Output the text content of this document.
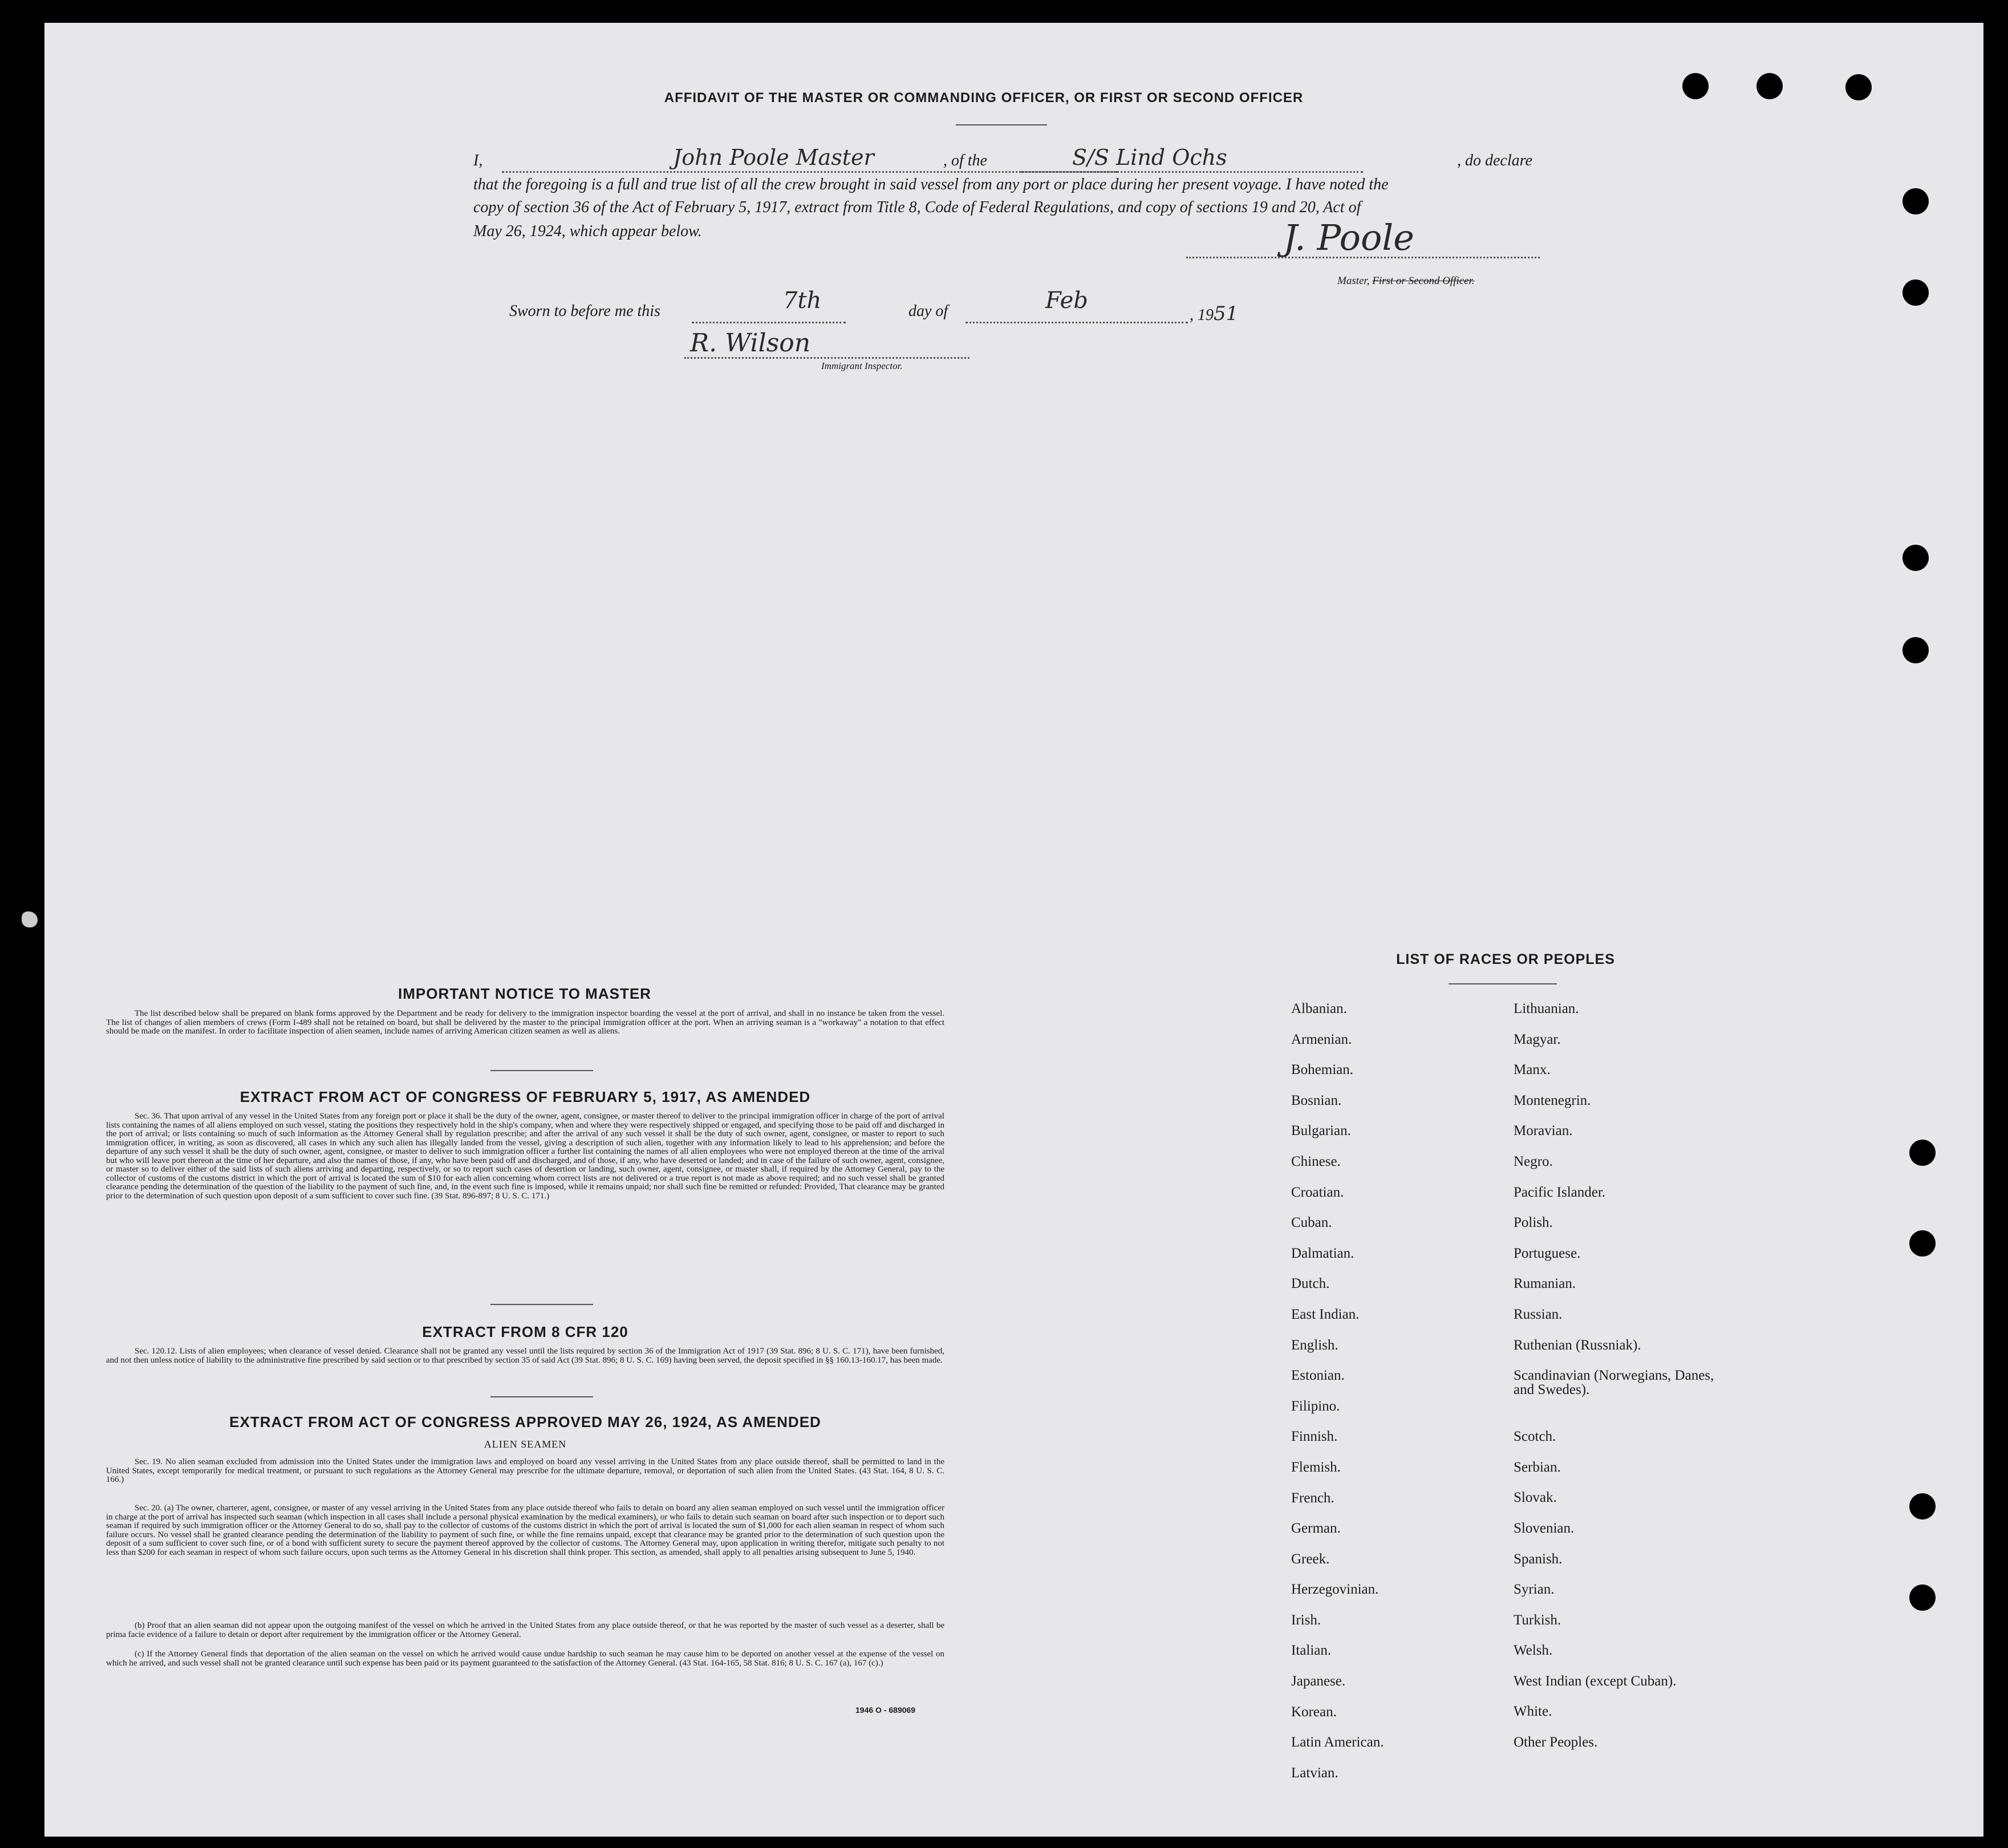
AFFIDAVIT OF THE MASTER OR COMMANDING OFFICER, OR FIRST OR SECOND OFFICER
I,	John Poole Master	, of the	S/S Lind Ochs	, do declare
that the foregoing is a full and true list of all the crew brought in said vessel from any port or place during her present voyage. I have noted the
copy of section 36 of the Act of February 5, 1917, extract from Title 8, Code of Federal Regulations, and copy of sections 19 and 20, Act of
May 26, 1924, which appear below.	J. Poole
Master, First or Second Officer.
Sworn to before me this	7th	day of	Feb
, 1951
R. Wilson
Immigrant Inspector.
IMPORTANT NOTICE TO MASTER
The list described below shall be prepared on blank forms approved by the Department and be ready for delivery to the immigration inspector boarding the vessel at the port of arrival, and shall in no instance be taken from the vessel. The list of changes of alien members of crews (Form I-489 shall not be retained on board, but shall be delivered by the master to the principal immigration officer at the port. When an arriving seaman is a "workaway" a notation to that effect should be made on the manifest. In order to facilitate inspection of alien seamen, include names of arriving American citizen seamen as well as aliens.
EXTRACT FROM ACT OF CONGRESS OF FEBRUARY 5, 1917, AS AMENDED
Sec. 36. That upon arrival of any vessel in the United States from any foreign port or place it shall be the duty of the owner, agent, consignee, or master thereof to deliver to the principal immigration officer in charge of the port of arrival lists containing the names of all aliens employed on such vessel, stating the positions they respectively hold in the ship's company, when and where they were respectively shipped or engaged, and specifying those to be paid off and discharged in the port of arrival; or lists containing so much of such information as the Attorney General shall by regulation prescribe; and after the arrival of any such vessel it shall be the duty of such owner, agent, consignee, or master to report to such immigration officer, in writing, as soon as discovered, all cases in which any such alien has illegally landed from the vessel, giving a description of such alien, together with any information likely to lead to his apprehension; and before the departure of any such vessel it shall be the duty of such owner, agent, consignee, or master to deliver to such immigration officer a further list containing the names of all alien employees who were not employed thereon at the time of the arrival but who will leave port thereon at the time of her departure, and also the names of those, if any, who have been paid off and discharged, and of those, if any, who have deserted or landed; and in case of the failure of such owner, agent, consignee, or master so to deliver either of the said lists of such aliens arriving and departing, respectively, or so to report such cases of desertion or landing, such owner, agent, consignee, or master shall, if required by the Attorney General, pay to the collector of customs of the customs district in which the port of arrival is located the sum of $10 for each alien concerning whom correct lists are not delivered or a true report is not made as above required; and no such vessel shall be granted clearance pending the determination of the question of the liability to the payment of such fine, and, in the event such fine is imposed, while it remains unpaid; nor shall such fine be remitted or refunded: Provided, That clearance may be granted prior to the determination of such question upon deposit of a sum sufficient to cover such fine. (39 Stat. 896-897; 8 U. S. C. 171.)
EXTRACT FROM 8 CFR 120
Sec. 120.12. Lists of alien employees; when clearance of vessel denied. Clearance shall not be granted any vessel until the lists required by section 36 of the Immigration Act of 1917 (39 Stat. 896; 8 U. S. C. 171), have been furnished, and not then unless notice of liability to the administrative fine prescribed by said section or to that prescribed by section 35 of said Act (39 Stat. 896; 8 U. S. C. 169) having been served, the deposit specified in §§ 160.13-160.17, has been made.
EXTRACT FROM ACT OF CONGRESS APPROVED MAY 26, 1924, AS AMENDED
ALIEN SEAMEN
Sec. 19. No alien seaman excluded from admission into the United States under the immigration laws and employed on board any vessel arriving in the United States from any place outside thereof, shall be permitted to land in the United States, except temporarily for medical treatment, or pursuant to such regulations as the Attorney General may prescribe for the ultimate departure, removal, or deportation of such alien from the United States. (43 Stat. 164, 8 U. S. C. 166.)
Sec. 20. (a) The owner, charterer, agent, consignee, or master of any vessel arriving in the United States from any place outside thereof who fails to detain on board any alien seaman employed on such vessel until the immigration officer in charge at the port of arrival has inspected such seaman (which inspection in all cases shall include a personal physical examination by the medical examiners), or who fails to detain such seaman on board after such inspection or to deport such seaman if required by such immigration officer or the Attorney General to do so, shall pay to the collector of customs of the customs district in which the port of arrival is located the sum of $1,000 for each alien seaman in respect of whom such failure occurs. No vessel shall be granted clearance pending the determination of the liability to payment of such fine, or while the fine remains unpaid, except that clearance may be granted prior to the determination of such question upon the deposit of a sum sufficient to cover such fine, or of a bond with sufficient surety to secure the payment thereof approved by the collector of customs. The Attorney General may, upon application in writing therefor, mitigate such penalty to not less than $200 for each seaman in respect of whom such failure occurs, upon such terms as the Attorney General in his discretion shall think proper. This section, as amended, shall apply to all penalties arising subsequent to June 5, 1940.
(b) Proof that an alien seaman did not appear upon the outgoing manifest of the vessel on which he arrived in the United States from any place outside thereof, or that he was reported by the master of such vessel as a deserter, shall be prima facie evidence of a failure to detain or deport after requirement by the immigration officer or the Attorney General.
(c) If the Attorney General finds that deportation of the alien seaman on the vessel on which he arrived would cause undue hardship to such seaman he may cause him to be deported on another vessel at the expense of the vessel on which he arrived, and such vessel shall not be granted clearance until such expense has been paid or its payment guaranteed to the satisfaction of the Attorney General. (43 Stat. 164-165, 58 Stat. 816; 8 U. S. C. 167 (a), 167 (c).)
1946 O - 689069
LIST OF RACES OR PEOPLES
Albanian.
Armenian.
Bohemian.
Bosnian.
Bulgarian.
Chinese.
Croatian.
Cuban.
Dalmatian.
Dutch.
East Indian.
English.
Estonian.
Filipino.
Finnish.
Flemish.
French.
German.
Greek.
Herzegovinian.
Irish.
Italian.
Japanese.
Korean.
Latin American.
Latvian.
Lithuanian.
Magyar.
Manx.
Montenegrin.
Moravian.
Negro.
Pacific Islander.
Polish.
Portuguese.
Rumanian.
Russian.
Ruthenian (Russniak).
Scandinavian (Norwegians, Danes, and Swedes).
Scotch.
Serbian.
Slovak.
Slovenian.
Spanish.
Syrian.
Turkish.
Welsh.
West Indian (except Cuban).
White.
Other Peoples.
